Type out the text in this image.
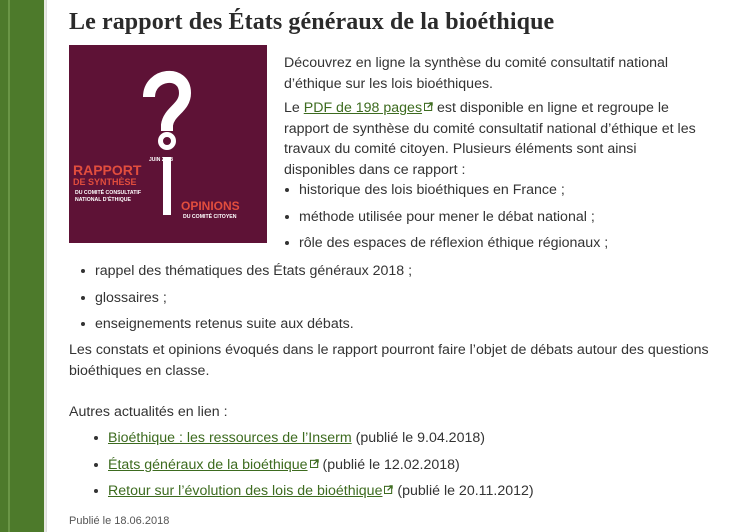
Le rapport des États généraux de la bioéthique
JUIN 2018
RAPPORT
DE SYNTHÈSE
DU COMITÉ CONSULTATIF
NATIONAL D’ÉTHIQUE	OPINIONS
DU COMITÉ CITOYEN

Découvrez en ligne la synthèse du comité consultatif national d’éthique sur les lois bioéthiques.

Le PDF de 198 pages est disponible en ligne et regroupe le rapport de synthèse du comité consultatif national d’éthique et les travaux du comité citoyen. Plusieurs éléments sont ainsi disponibles dans ce rapport :

historique des lois bioéthiques en France ;
méthode utilisée pour mener le débat national ;
rôle des espaces de réflexion éthique régionaux ;
rappel des thématiques des États généraux 2018 ;
glossaires ;
enseignements retenus suite aux débats.

Les constats et opinions évoqués dans le rapport pourront faire l’objet de débats autour des questions bioéthiques en classe.

Autres actualités en lien :

Bioéthique : les ressources de l’Inserm (publié le 9.04.2018)
États généraux de la bioéthique (publié le 12.02.2018)
Retour sur l’évolution des lois de bioéthique (publié le 20.11.2012)
Publié le 18.06.2018
